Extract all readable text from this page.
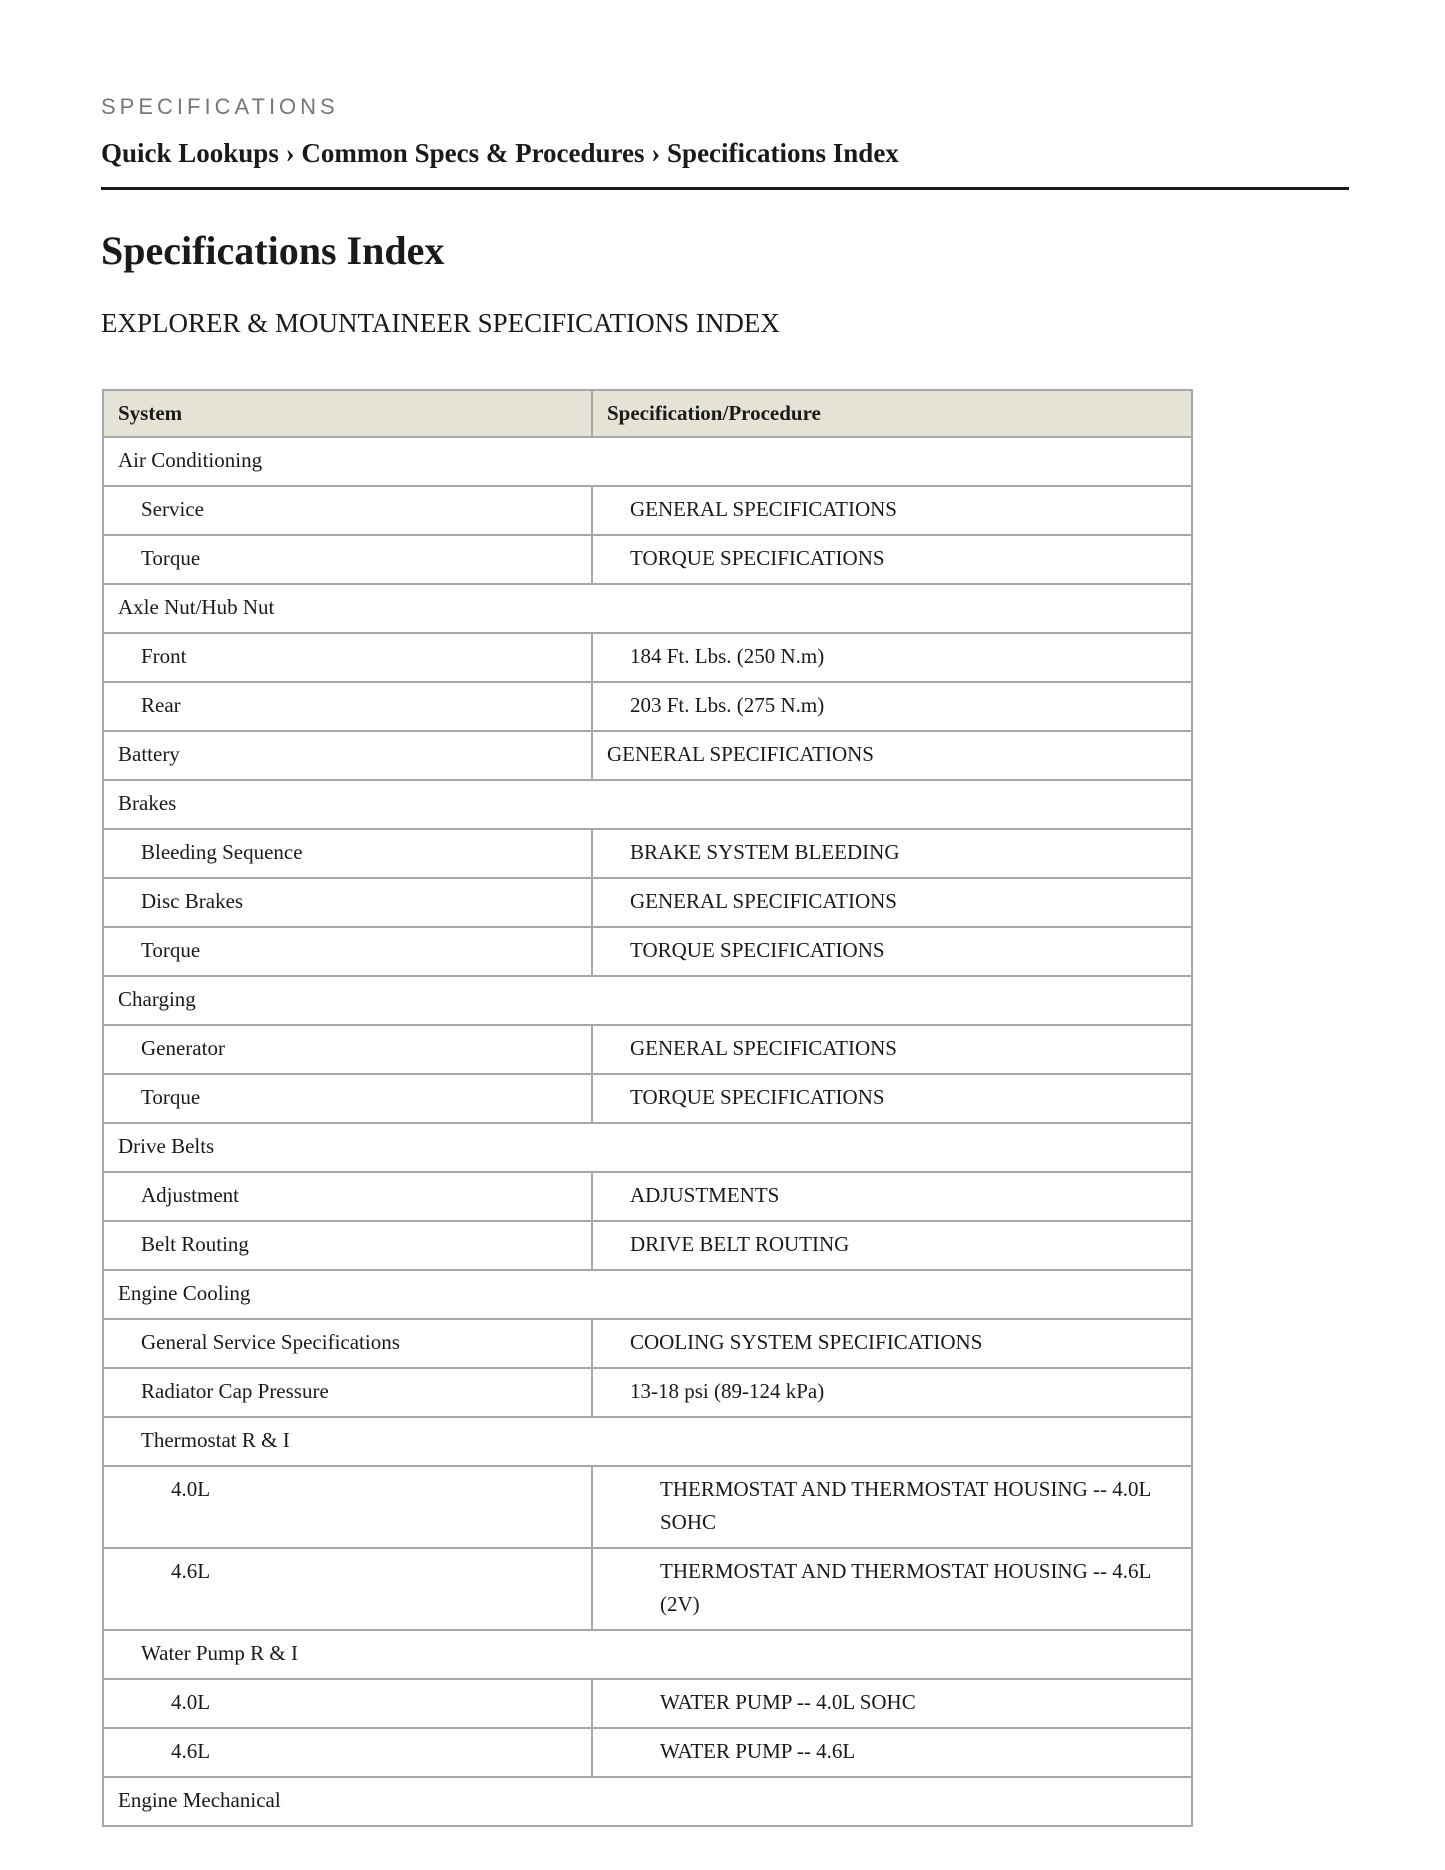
SPECIFICATIONS
Quick Lookups › Common Specs & Procedures › Specifications Index
Specifications Index
EXPLORER & MOUNTAINEER SPECIFICATIONS INDEX
System	Specification/Procedure
Air Conditioning	
Service	GENERAL SPECIFICATIONS
Torque	TORQUE SPECIFICATIONS
Axle Nut/Hub Nut	
Front	184 Ft. Lbs. (250 N.m)
Rear	203 Ft. Lbs. (275 N.m)
Battery	GENERAL SPECIFICATIONS
Brakes	
Bleeding Sequence	BRAKE SYSTEM BLEEDING
Disc Brakes	GENERAL SPECIFICATIONS
Torque	TORQUE SPECIFICATIONS
Charging	
Generator	GENERAL SPECIFICATIONS
Torque	TORQUE SPECIFICATIONS
Drive Belts	
Adjustment	ADJUSTMENTS
Belt Routing	DRIVE BELT ROUTING
Engine Cooling	
General Service Specifications	COOLING SYSTEM SPECIFICATIONS
Radiator Cap Pressure	13-18 psi (89-124 kPa)
Thermostat R & I	
4.0L	THERMOSTAT AND THERMOSTAT HOUSING -- 4.0L SOHC
4.6L	THERMOSTAT AND THERMOSTAT HOUSING -- 4.6L (2V)
Water Pump R & I	
4.0L	WATER PUMP -- 4.0L SOHC
4.6L	WATER PUMP -- 4.6L
Engine Mechanical	
